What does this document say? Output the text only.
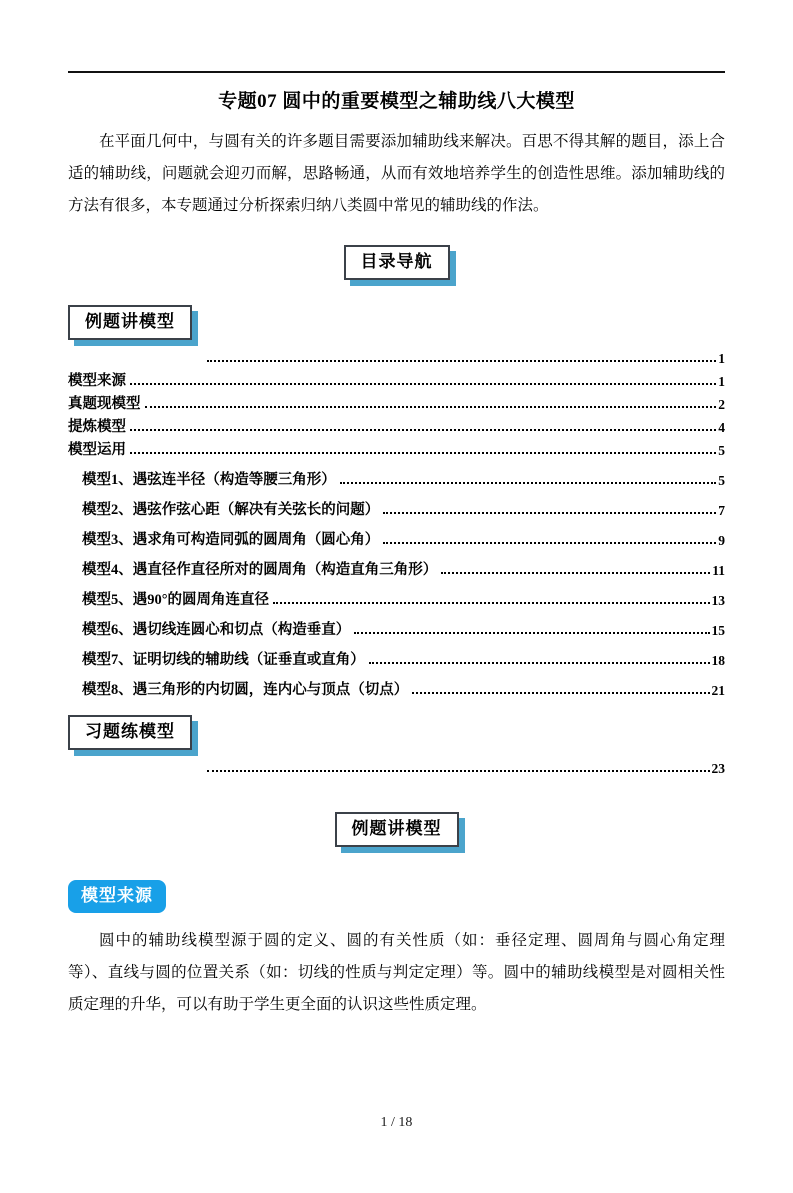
专题07 圆中的重要模型之辅助线八大模型

在平面几何中，与圆有关的许多题目需要添加辅助线来解决。百思不得其解的题目，添上合适的辅助线，问题就会迎刃而解，思路畅通，从而有效地培养学生的创造性思维。添加辅助线的方法有很多，本专题通过分析探索归纳八类圆中常见的辅助线的作法。

目录导航
例题讲模型
1
模型来源	1
真题现模型	2
提炼模型	4
模型运用	5
模型1、遇弦连半径（构造等腰三角形）	5
模型2、遇弦作弦心距（解决有关弦长的问题）	7
模型3、遇求角可构造同弧的圆周角（圆心角）	9
模型4、遇直径作直径所对的圆周角（构造直角三角形）	11
模型5、遇90°的圆周角连直径	13
模型6、遇切线连圆心和切点（构造垂直）	15
模型7、证明切线的辅助线（证垂直或直角）	18
模型8、遇三角形的内切圆，连内心与顶点（切点）	21
习题练模型
23
例题讲模型
模型来源

圆中的辅助线模型源于圆的定义、圆的有关性质（如：垂径定理、圆周角与圆心角定理等）、直线与圆的位置关系（如：切线的性质与判定定理）等。圆中的辅助线模型是对圆相关性质定理的升华，可以有助于学生更全面的认识这些性质定理。

1 / 18
